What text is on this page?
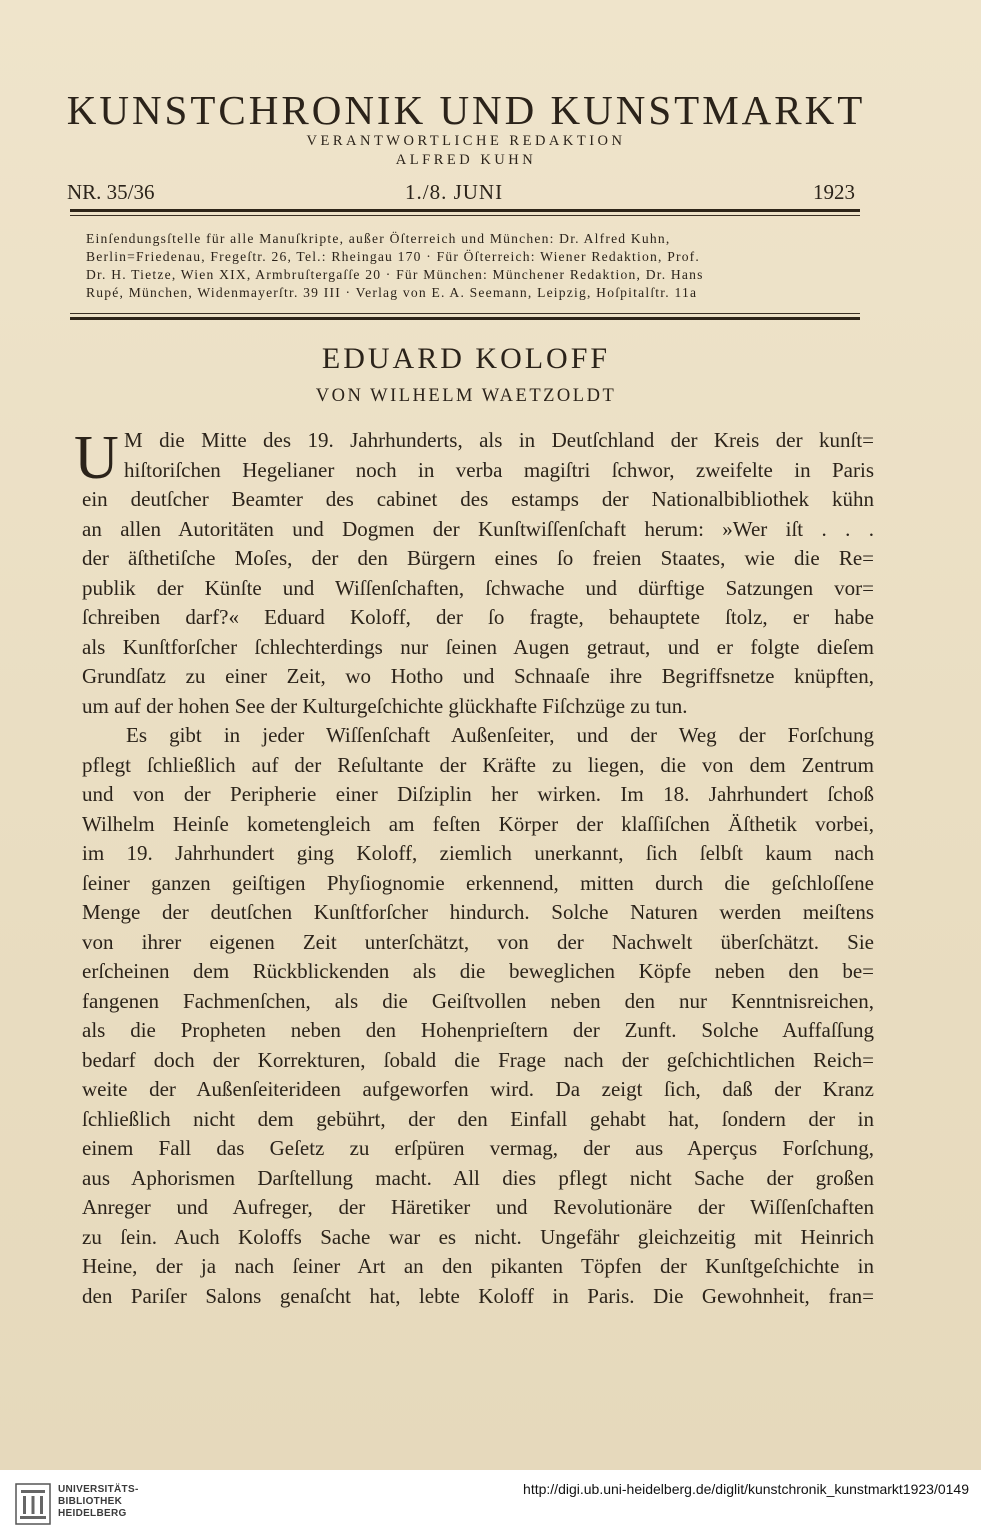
KUNSTCHRONIK UND KUNSTMARKT
VERANTWORTLICHE REDAKTION
ALFRED KUHN
NR. 35/36	1./8. JUNI	1923
Einſendungsſtelle für alle Manuſkripte, außer Öſterreich und München: Dr. Alfred Kuhn,
Berlin=Friedenau, Fregeſtr. 26, Tel.: Rheingau 170 · Für Öſterreich: Wiener Redaktion, Prof.
Dr. H. Tietze, Wien XIX, Armbruſtergaſſe 20 · Für München: Münchener Redaktion, Dr. Hans
Rupé, München, Widenmayerſtr. 39 III · Verlag von E. A. Seemann, Leipzig, Hoſpitalſtr. 11a
EDUARD KOLOFF
VON WILHELM WAETZOLDT
U M die Mitte des 19. Jahrhunderts, als in Deutſchland der Kreis der kunſt=
hiſtoriſchen Hegelianer noch in verba magiſtri ſchwor, zweifelte in Paris
ein deutſcher Beamter des cabinet des estamps der Nationalbibliothek kühn
an allen Autoritäten und Dogmen der Kunſtwiſſenſchaft herum: »Wer iſt . . .
der äſthetiſche Moſes, der den Bürgern eines ſo freien Staates, wie die Re=
publik der Künſte und Wiſſenſchaften, ſchwache und dürftige Satzungen vor=
ſchreiben darf?« Eduard Koloff, der ſo fragte, behauptete ſtolz, er habe
als Kunſtforſcher ſchlechterdings nur ſeinen Augen getraut, und er folgte dieſem
Grundſatz zu einer Zeit, wo Hotho und Schnaaſe ihre Begriffsnetze knüpften,
um auf der hohen See der Kulturgeſchichte glückhafte Fiſchzüge zu tun.
Es gibt in jeder Wiſſenſchaft Außenſeiter, und der Weg der Forſchung
pflegt ſchließlich auf der Reſultante der Kräfte zu liegen, die von dem Zentrum
und von der Peripherie einer Diſziplin her wirken. Im 18. Jahrhundert ſchoß
Wilhelm Heinſe kometengleich am feſten Körper der klaſſiſchen Äſthetik vorbei,
im 19. Jahrhundert ging Koloff, ziemlich unerkannt, ſich ſelbſt kaum nach
ſeiner ganzen geiſtigen Phyſiognomie erkennend, mitten durch die geſchloſſene
Menge der deutſchen Kunſtforſcher hindurch. Solche Naturen werden meiſtens
von ihrer eigenen Zeit unterſchätzt, von der Nachwelt überſchätzt. Sie
erſcheinen dem Rückblickenden als die beweglichen Köpfe neben den be=
fangenen Fachmenſchen, als die Geiſtvollen neben den nur Kenntnisreichen,
als die Propheten neben den Hohenprieſtern der Zunft. Solche Auffaſſung
bedarf doch der Korrekturen, ſobald die Frage nach der geſchichtlichen Reich=
weite der Außenſeiterideen aufgeworfen wird. Da zeigt ſich, daß der Kranz
ſchließlich nicht dem gebührt, der den Einfall gehabt hat, ſondern der in
einem Fall das Geſetz zu erſpüren vermag, der aus Aperçus Forſchung,
aus Aphorismen Darſtellung macht. All dies pflegt nicht Sache der großen
Anreger und Aufreger, der Häretiker und Revolutionäre der Wiſſenſchaften
zu ſein. Auch Koloffs Sache war es nicht. Ungefähr gleichzeitig mit Heinrich
Heine, der ja nach ſeiner Art an den pikanten Töpfen der Kunſtgeſchichte in
den Pariſer Salons genaſcht hat, lebte Koloff in Paris. Die Gewohnheit, fran=
UNIVERSITÄTS-
BIBLIOTHEK
HEIDELBERG
http://digi.ub.uni-heidelberg.de/diglit/kunstchronik_kunstmarkt1923/0149
